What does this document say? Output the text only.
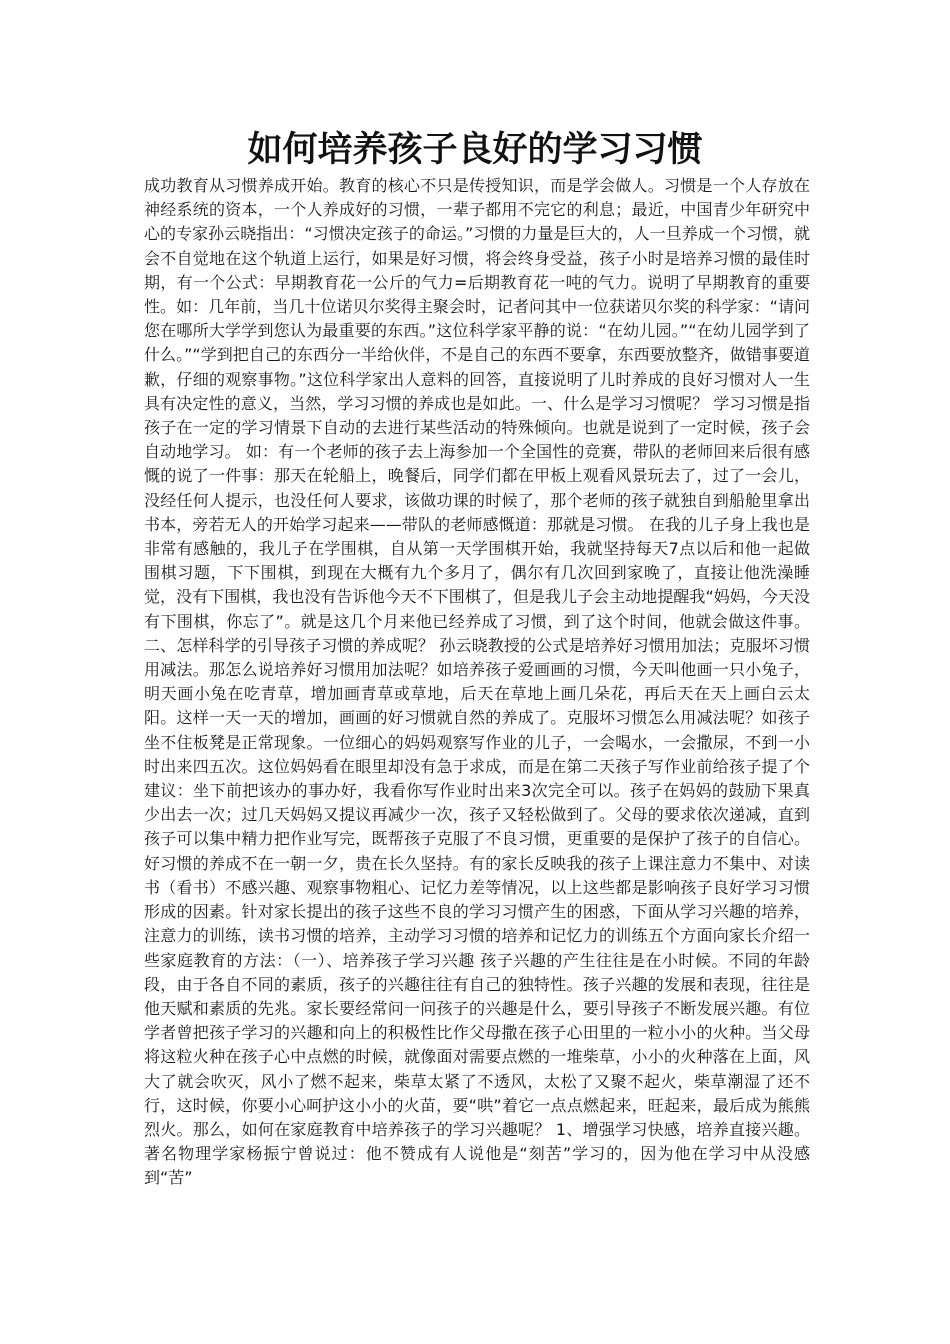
如何培养孩子良好的学习习惯

成功教育从习惯养成开始。教育的核心不只是传授知识，而是学会做人。习惯是一个人存放在神经系统的资本，一个人养成好的习惯，一辈子都用不完它的利息；最近，中国青少年研究中心的专家孙云晓指出：“习惯决定孩子的命运。”习惯的力量是巨大的，人一旦养成一个习惯，就会不自觉地在这个轨道上运行，如果是好习惯，将会终身受益，孩子小时是培养习惯的最佳时期，有一个公式：早期教育花一公斤的气力=后期教育花一吨的气力。说明了早期教育的重要性。如：几年前，当几十位诺贝尔奖得主聚会时，记者问其中一位获诺贝尔奖的科学家：“请问您在哪所大学学到您认为最重要的东西。”这位科学家平静的说：“在幼儿园。”“在幼儿园学到了什么。”“学到把自己的东西分一半给伙伴，不是自己的东西不要拿，东西要放整齐，做错事要道歉，仔细的观察事物。”这位科学家出人意料的回答，直接说明了儿时养成的良好习惯对人一生具有决定性的意义，当然，学习习惯的养成也是如此。一、什么是学习习惯呢？ 学习习惯是指孩子在一定的学习情景下自动的去进行某些活动的特殊倾向。也就是说到了一定时候，孩子会自动地学习。 如：有一个老师的孩子去上海参加一个全国性的竞赛，带队的老师回来后很有感慨的说了一件事：那天在轮船上，晚餐后，同学们都在甲板上观看风景玩去了，过了一会儿，没经任何人提示，也没任何人要求，该做功课的时候了，那个老师的孩子就独自到船舱里拿出书本，旁若无人的开始学习起来——带队的老师感慨道：那就是习惯。 在我的儿子身上我也是非常有感触的，我儿子在学围棋，自从第一天学围棋开始，我就坚持每天7点以后和他一起做围棋习题，下下围棋，到现在大概有九个多月了，偶尔有几次回到家晚了，直接让他洗澡睡觉，没有下围棋，我也没有告诉他今天不下围棋了，但是我儿子会主动地提醒我“妈妈，今天没有下围棋，你忘了”。就是这几个月来他已经养成了习惯，到了这个时间，他就会做这件事。 二、怎样科学的引导孩子习惯的养成呢？ 孙云晓教授的公式是培养好习惯用加法；克服坏习惯用减法。那怎么说培养好习惯用加法呢？如培养孩子爱画画的习惯，今天叫他画一只小兔子，明天画小兔在吃青草，增加画青草或草地，后天在草地上画几朵花，再后天在天上画白云太阳。这样一天一天的增加，画画的好习惯就自然的养成了。克服坏习惯怎么用减法呢？如孩子坐不住板凳是正常现象。一位细心的妈妈观察写作业的儿子，一会喝水，一会撒尿，不到一小时出来四五次。这位妈妈看在眼里却没有急于求成，而是在第二天孩子写作业前给孩子提了个建议：坐下前把该办的事办好，我看你写作业时出来3次完全可以。孩子在妈妈的鼓励下果真少出去一次；过几天妈妈又提议再减少一次，孩子又轻松做到了。父母的要求依次递减，直到孩子可以集中精力把作业写完，既帮孩子克服了不良习惯，更重要的是保护了孩子的自信心。好习惯的养成不在一朝一夕，贵在长久坚持。有的家长反映我的孩子上课注意力不集中、对读书（看书）不感兴趣、观察事物粗心、记忆力差等情况，以上这些都是影响孩子良好学习习惯形成的因素。针对家长提出的孩子这些不良的学习习惯产生的困惑，下面从学习兴趣的培养，注意力的训练，读书习惯的培养，主动学习习惯的培养和记忆力的训练五个方面向家长介绍一些家庭教育的方法：（一）、培养孩子学习兴趣 孩子兴趣的产生往往是在小时候。不同的年龄段，由于各自不同的素质，孩子的兴趣往往有自己的独特性。孩子兴趣的发展和表现，往往是他天赋和素质的先兆。家长要经常问一问孩子的兴趣是什么，要引导孩子不断发展兴趣。有位学者曾把孩子学习的兴趣和向上的积极性比作父母撒在孩子心田里的一粒小小的火种。当父母将这粒火种在孩子心中点燃的时候，就像面对需要点燃的一堆柴草，小小的火种落在上面，风大了就会吹灭，风小了燃不起来，柴草太紧了不透风，太松了又聚不起火，柴草潮湿了还不行，这时候，你要小心呵护这小小的火苗，要“哄”着它一点点燃起来，旺起来，最后成为熊熊烈火。那么，如何在家庭教育中培养孩子的学习兴趣呢？ 1、增强学习快感，培养直接兴趣。著名物理学家杨振宁曾说过：他不赞成有人说他是“刻苦”学习的，因为他在学习中从没感到“苦”
